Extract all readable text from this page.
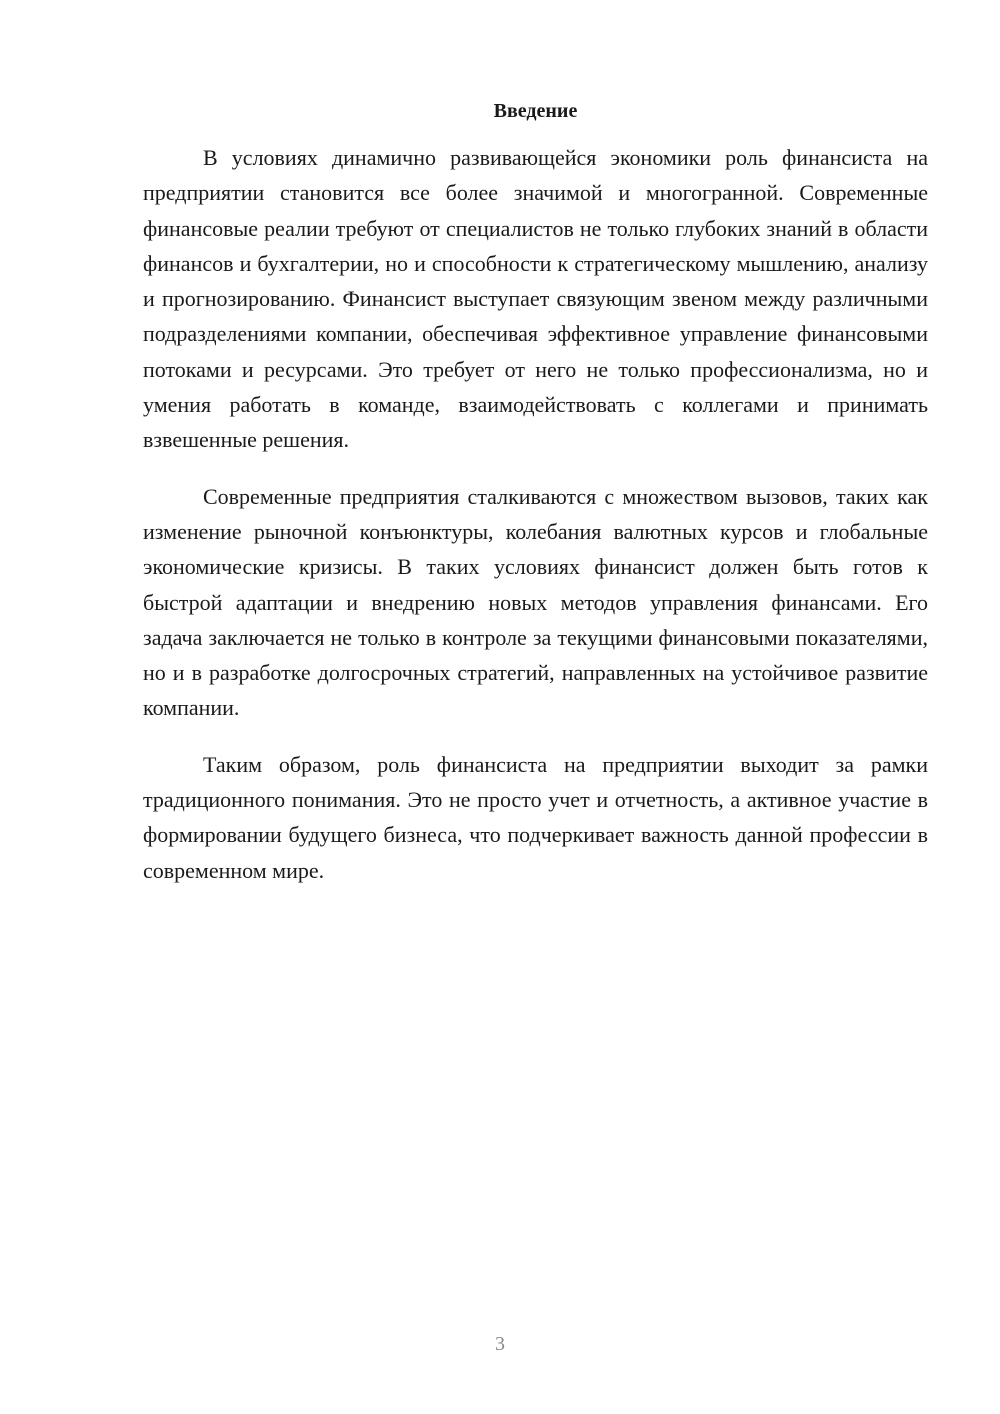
Введение

В условиях динамично развивающейся экономики роль финансиста на предприятии становится все более значимой и многогранной. Современные финансовые реалии требуют от специалистов не только глубоких знаний в области финансов и бухгалтерии, но и способности к стратегическому мышлению, анализу и прогнозированию. Финансист выступает связующим звеном между различными подразделениями компании, обеспечивая эффективное управление финансовыми потоками и ресурсами. Это требует от него не только профессионализма, но и умения работать в команде, взаимодействовать с коллегами и принимать взвешенные решения.

Современные предприятия сталкиваются с множеством вызовов, таких как изменение рыночной конъюнктуры, колебания валютных курсов и глобальные экономические кризисы. В таких условиях финансист должен быть готов к быстрой адаптации и внедрению новых методов управления финансами. Его задача заключается не только в контроле за текущими финансовыми показателями, но и в разработке долгосрочных стратегий, направленных на устойчивое развитие компании.

Таким образом, роль финансиста на предприятии выходит за рамки традиционного понимания. Это не просто учет и отчетность, а активное участие в формировании будущего бизнеса, что подчеркивает важность данной профессии в современном мире.

3
